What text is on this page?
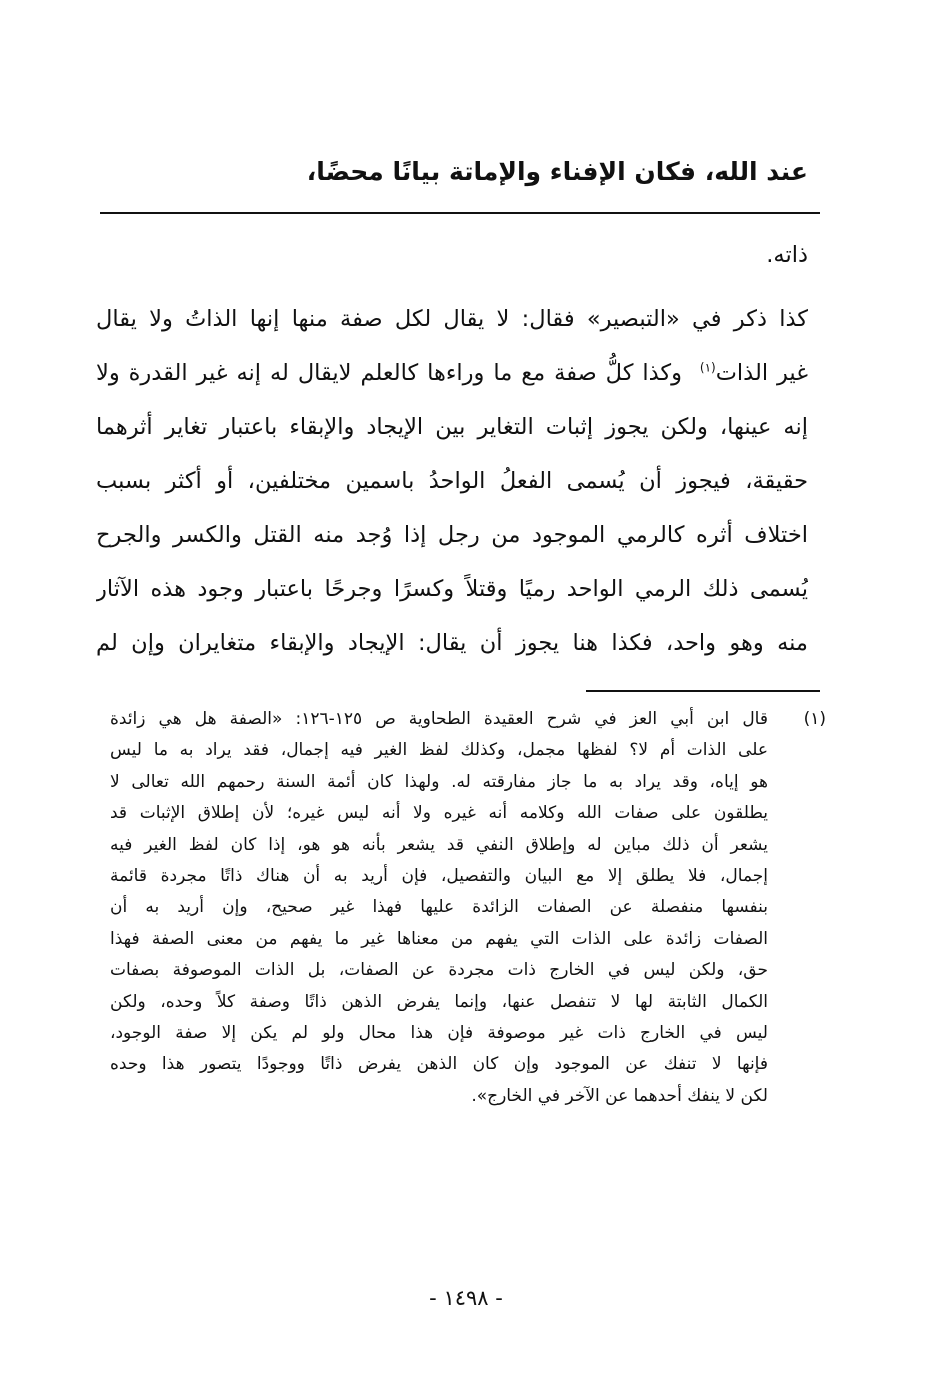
عند الله، فكان الإفناء والإماتة بيانًا محضًا،
ذاته.
كذا ذكر في «التبصير» فقال: لا يقال لكل صفة منها إنها الذاتُ ولا يقال
غير الذات$^{(١)}$  وكذا كلُّ صفة مع ما وراءها كالعلم لايقال له إنه غير القدرة ولا
إنه عينها، ولكن يجوز إثبات التغاير بين الإيجاد والإبقاء باعتبار تغاير أثرهما
حقيقة، فيجوز أن يُسمى الفعلُ الواحدُ باسمين مختلفين، أو أكثر بسبب
اختلاف أثره كالرمي الموجود من رجل إذا وُجد منه القتل والكسر والجرح
يُسمى ذلك الرمي الواحد رميًا وقتلاً وكسرًا وجرحًا باعتبار وجود هذه الآثار
منه وهو واحد، فكذا هنا يجوز أن يقال: الإيجاد والإبقاء متغايران وإن لم
(١)
قال ابن أبي العز في شرح العقيدة الطحاوية ص ١٢٥-١٢٦: «الصفة هل هي زائدة
على الذات أم لا؟ لفظها مجمل، وكذلك لفظ الغير فيه إجمال، فقد يراد به ما ليس
هو إياه، وقد يراد به ما جاز مفارقته له. ولهذا كان أئمة السنة رحمهم الله تعالى لا
يطلقون على صفات الله وكلامه أنه غيره ولا أنه ليس غيره؛ لأن إطلاق الإثبات قد
يشعر أن ذلك مباين له وإطلاق النفي قد يشعر بأنه هو هو، إذا كان لفظ الغير فيه
إجمال، فلا يطلق إلا مع البيان والتفصيل، فإن أريد به أن هناك ذاتًا مجردة قائمة
بنفسها منفصلة عن الصفات الزائدة عليها فهذا غير صحيح، وإن أريد به أن
الصفات زائدة على الذات التي يفهم من معناها غير ما يفهم من معنى الصفة فهذا
حق، ولكن ليس في الخارج ذات مجردة عن الصفات، بل الذات الموصوفة بصفات
الكمال الثابتة لها لا تنفصل عنها، وإنما يفرض الذهن ذاتًا وصفة كلاً وحده، ولكن
ليس في الخارج ذات غير موصوفة فإن هذا محال ولو لم يكن إلا صفة الوجود،
فإنها لا تنفك عن الموجود وإن كان الذهن يفرض ذاتًا ووجودًا يتصور هذا وحده
لكن لا ينفك أحدهما عن الآخر في الخارج».
- ١٤٩٨ -
